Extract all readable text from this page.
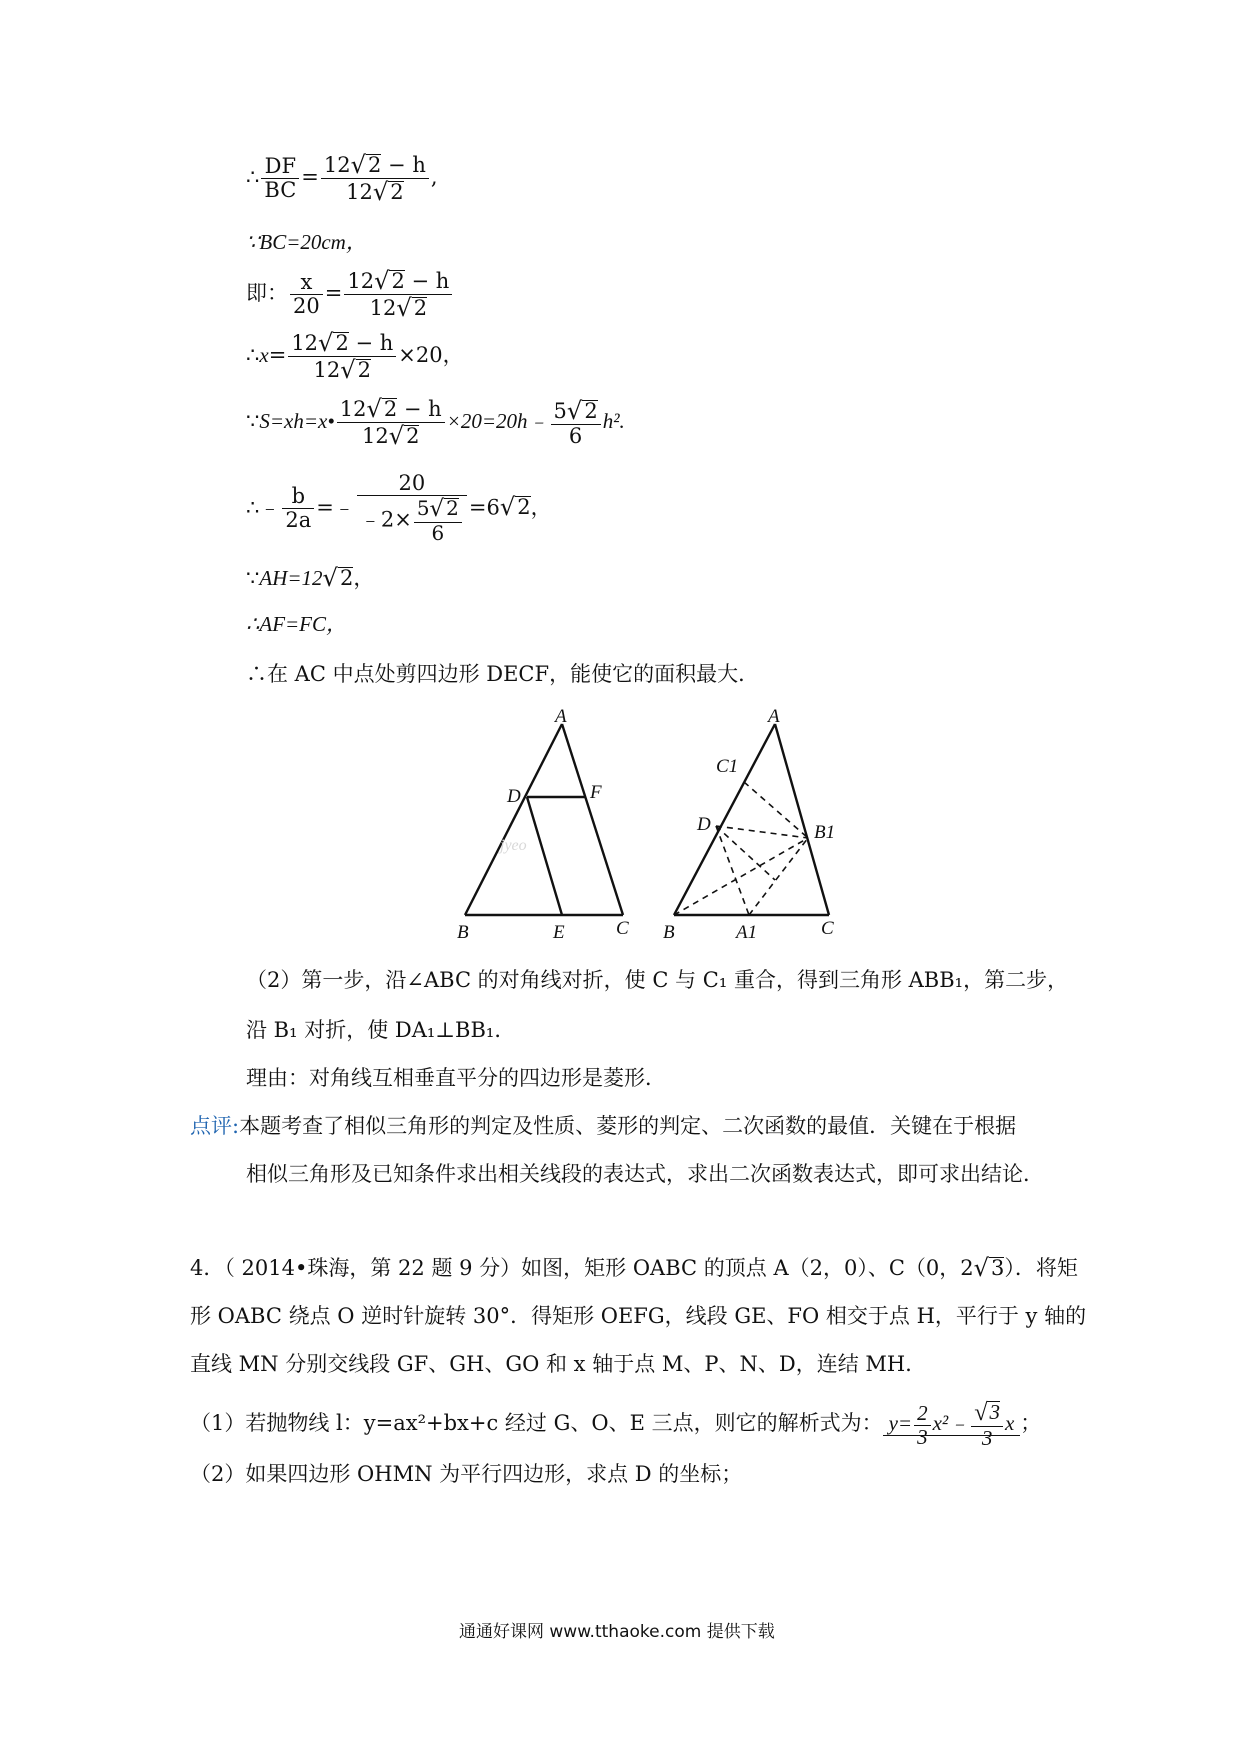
∴ $\frac{DF}{BC} = \frac{12√2 - h}{12√2}$ ,
∵BC=20cm，
即： $\frac{x}{20} = \frac{12√2 - h}{12√2}$
∴x= $\frac{12√2 - h}{12√2} \times 20$，
∵S=xh=x• $\frac{12√2 - h}{12√2}$ ×20=20h﹣ $\frac{5√2}{6} h^2$.
∴﹣ $\frac{b}{2a}$ =﹣ $\frac{20}{﹣2\times \frac{5√ 2}{6}} =6√2$，
∵AH=12√2，
∴AF=FC，
∴在 AC 中点处剪四边形 DECF，能使它的面积最大．
jyeo
A
D	F
B	E	C
A
C1
D	B1
B	A1	C
（2）第一步，沿∠ABC 的对角线对折，使 C 与 C₁ 重合，得到三角形 ABB₁，第二步，
沿 B₁ 对折，使 DA₁⊥BB₁．
理由：对角线互相垂直平分的四边形是菱形．
点评:本题考查了相似三角形的判定及性质、菱形的判定、二次函数的最值．关键在于根据
相似三角形及已知条件求出相关线段的表达式，求出二次函数表达式，即可求出结论．
4．（ 2014•珠海，第 22 题 9 分）如图，矩形 OABC 的顶点 A（2，0）、C（0，2√3）．将矩
形 OABC 绕点 O 逆时针旋转 30°．得矩形 OEFG，线段 GE、FO 相交于点 H，平行于 y 轴的
直线 MN 分别交线段 GF、GH、GO 和 x 轴于点 M、P、N、D，连结 MH．
（1）若抛物线 l：y=ax²+bx+c 经过 G、O、E 三点，则它的解析式为： $y= \frac{2}{3}$ x²﹣ $\frac{√3}{3}$ x ；
（2）如果四边形 OHMN 为平行四边形，求点 D 的坐标；
通通好课网 www.tthaoke.com 提供下载
